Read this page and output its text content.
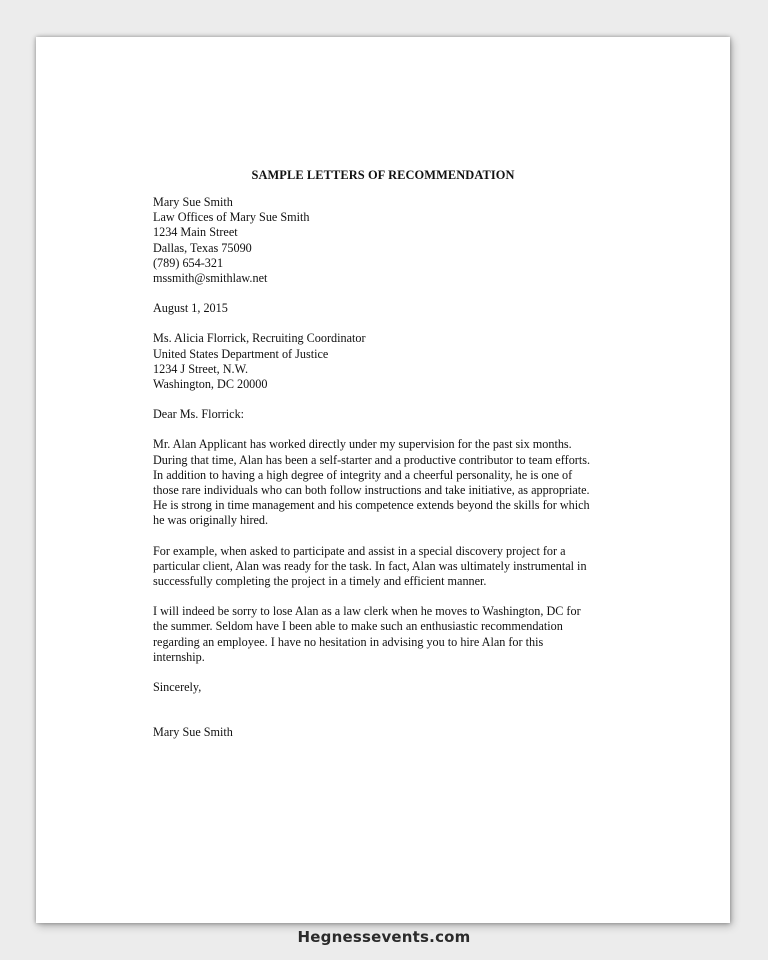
SAMPLE LETTERS OF RECOMMENDATION
Mary Sue Smith
Law Offices of Mary Sue Smith
1234 Main Street
Dallas, Texas 75090
(789) 654-321
mssmith@smithlaw.net
August 1, 2015
Ms. Alicia Florrick, Recruiting Coordinator
United States Department of Justice
1234 J Street, N.W.
Washington, DC 20000
Dear Ms. Florrick:
Mr. Alan Applicant has worked directly under my supervision for the past six months.
During that time, Alan has been a self-starter and a productive contributor to team efforts.
In addition to having a high degree of integrity and a cheerful personality, he is one of
those rare individuals who can both follow instructions and take initiative, as appropriate.
He is strong in time management and his competence extends beyond the skills for which
he was originally hired.
For example, when asked to participate and assist in a special discovery project for a
particular client, Alan was ready for the task. In fact, Alan was ultimately instrumental in
successfully completing the project in a timely and efficient manner.
I will indeed be sorry to lose Alan as a law clerk when he moves to Washington, DC for
the summer. Seldom have I been able to make such an enthusiastic recommendation
regarding an employee. I have no hesitation in advising you to hire Alan for this
internship.
Sincerely,
Mary Sue Smith
Hegnessevents.com
